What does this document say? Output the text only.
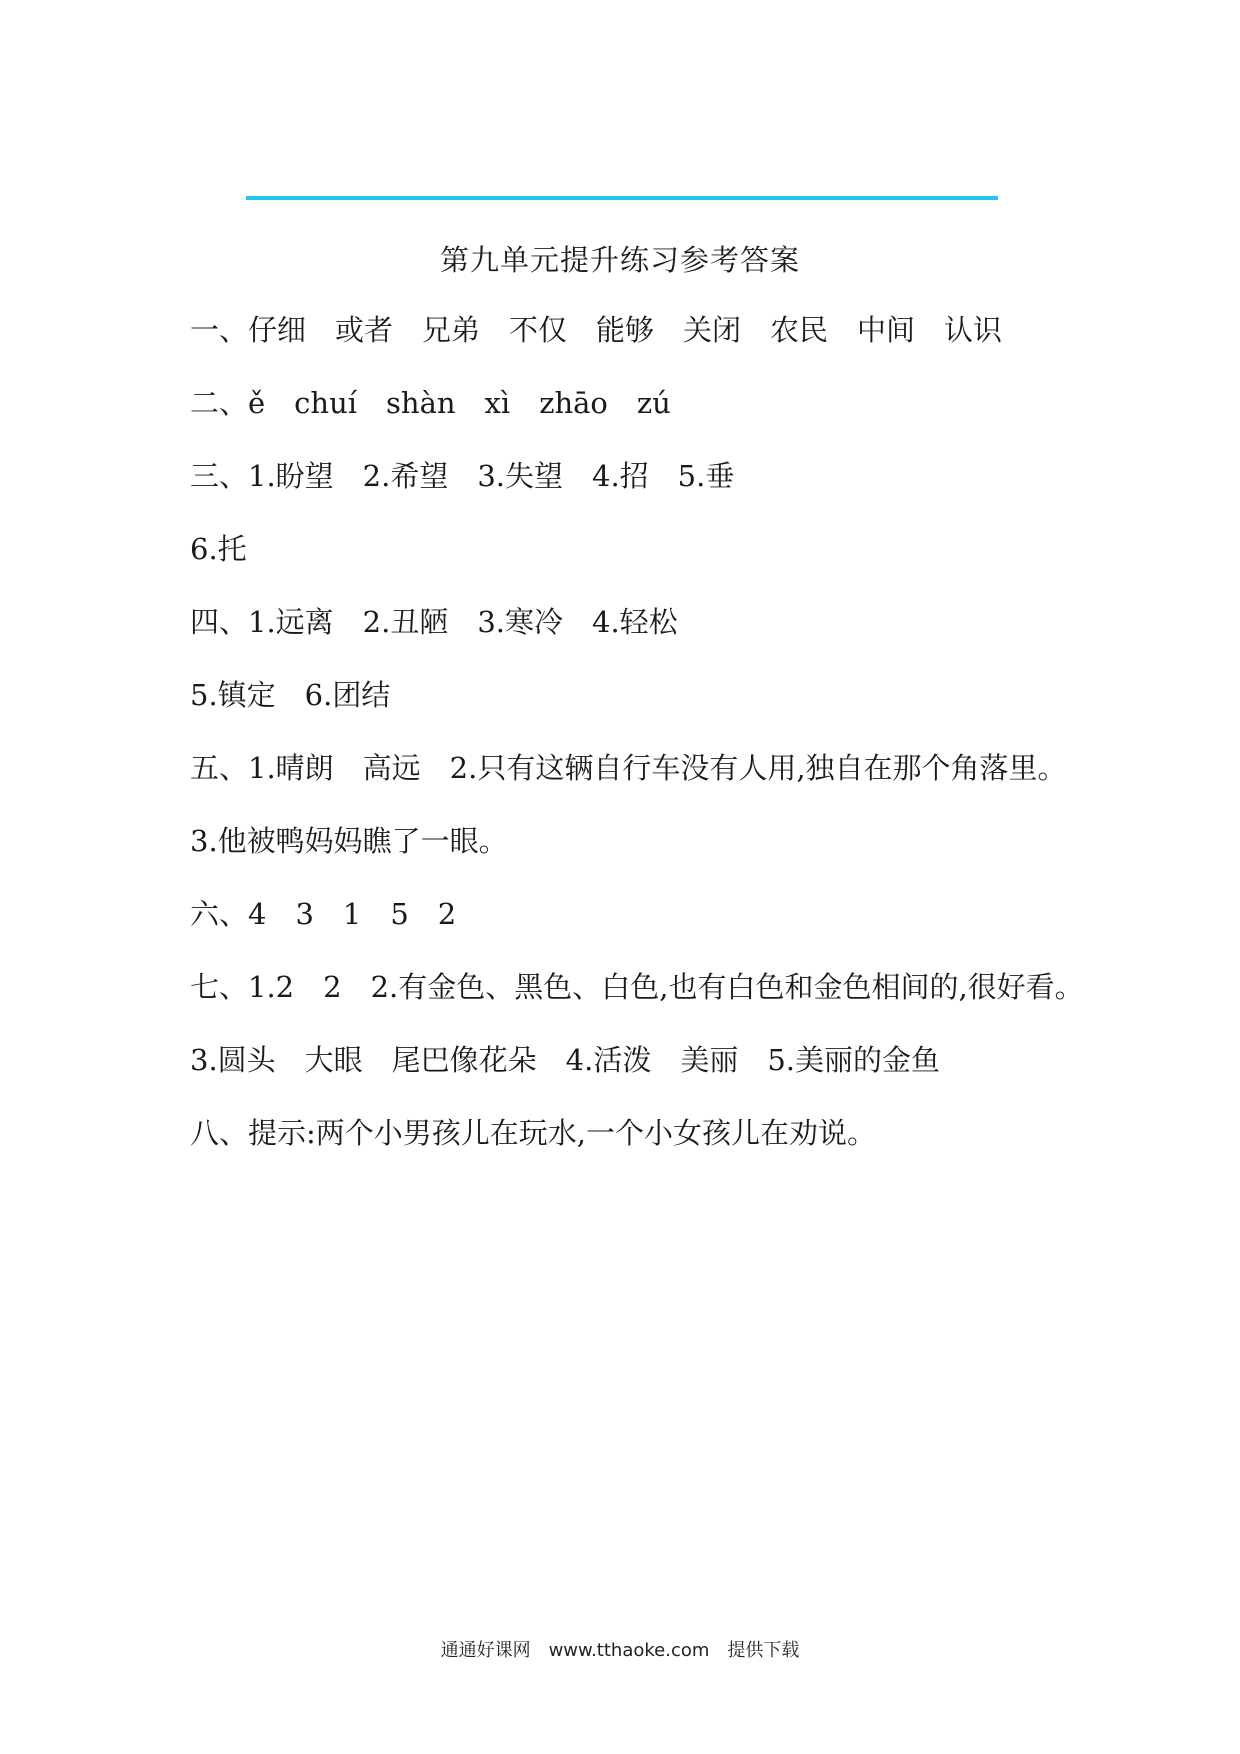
第九单元提升练习参考答案
一、仔细　或者　兄弟　不仅　能够　关闭　农民　中间　认识
二、ě　chuí　shàn　xì　zhāo　zú
三、1.盼望　2.希望　3.失望　4.招　5.垂
6.托
四、1.远离　2.丑陋　3.寒冷　4.轻松
5.镇定　6.团结
五、1.晴朗　高远　2.只有这辆自行车没有人用,独自在那个角落里。
3.他被鸭妈妈瞧了一眼。
六、4　3　1　5　2
七、1.2　2　2.有金色、黑色、白色,也有白色和金色相间的,很好看。
3.圆头　大眼　尾巴像花朵　4.活泼　美丽　5.美丽的金鱼
八、提示:两个小男孩儿在玩水,一个小女孩儿在劝说。
通通好课网　www.tthaoke.com　提供下载
